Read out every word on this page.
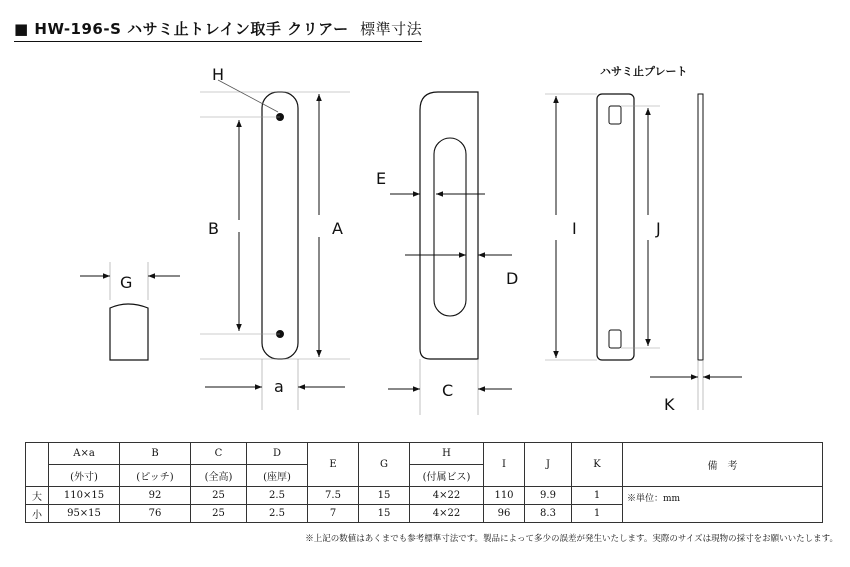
■ HW-196-S ハサミ止トレイン取手 クリアー 標準寸法
G
H
B	A
a
E
D
C
ハサミ止プレート
I	J
K
	A×a	B	C	D	E	G	H	I	J	K	備　考
	(外寸)	(ピッチ)	(全高)	(座厚)			(付属ビス)				
大	110×15	92	25	2.5	7.5	15	4×22	110	9.9	1	※単位：mm
小	95×15	76	25	2.5	7	15	4×22	96	8.3	1	
※上記の数値はあくまでも参考標準寸法です。製品によって多少の誤差が発生いたします。実際のサイズは現物の採寸をお願いいたします。
